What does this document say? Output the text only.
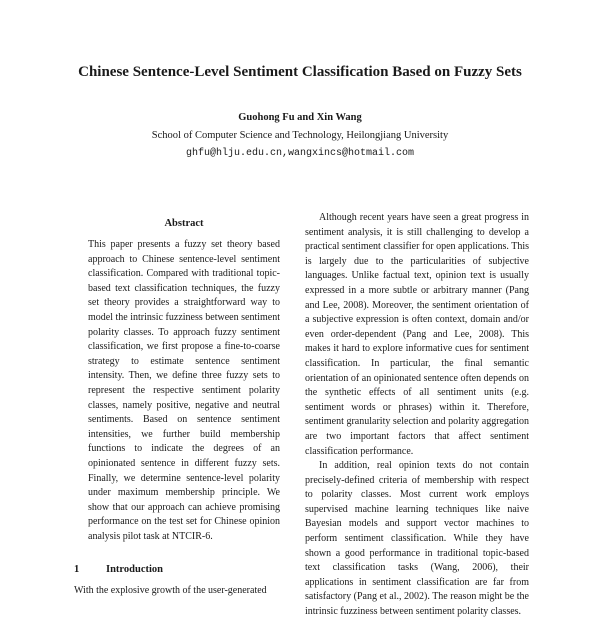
Chinese Sentence-Level Sentiment Classification Based on Fuzzy Sets
Guohong Fu and Xin Wang
School of Computer Science and Technology, Heilongjiang University
ghfu@hlju.edu.cn,wangxincs@hotmail.com
Abstract

This paper presents a fuzzy set theory based approach to Chinese sentence-level sentiment classification. Compared with traditional topic-based text classification techniques, the fuzzy set theory provides a straightforward way to model the intrinsic fuzziness between sentiment polarity classes. To approach fuzzy sentiment classification, we first propose a fine-to-coarse strategy to estimate sentence sentiment intensity. Then, we define three fuzzy sets to represent the respective sentiment polarity classes, namely positive, negative and neutral sentiments. Based on sentence sentiment intensities, we further build membership functions to indicate the degrees of an opinionated sentence in different fuzzy sets. Finally, we determine sentence-level polarity under maximum membership principle. We show that our approach can achieve promising performance on the test set for Chinese opinion analysis pilot task at NTCIR-6.

1	Introduction

With the explosive growth of the user-generated

Although recent years have seen a great progress in sentiment analysis, it is still challenging to develop a practical sentiment classifier for open applications. This is largely due to the particularities of subjective languages. Unlike factual text, opinion text is usually expressed in a more subtle or arbitrary manner (Pang and Lee, 2008). Moreover, the sentiment orientation of a subjective expression is often context, domain and/or even order-dependent (Pang and Lee, 2008). This makes it hard to explore informative cues for sentiment classification. In particular, the final semantic orientation of an opinionated sentence often depends on the synthetic effects of all sentiment units (e.g. sentiment words or phrases) within it. Therefore, sentiment granularity selection and polarity aggregation are two important factors that affect sentiment classification performance.

In addition, real opinion texts do not contain precisely-defined criteria of membership with respect to polarity classes. Most current work employs supervised machine learning techniques like naive Bayesian models and support vector machines to perform sentiment classification. While they have shown a good performance in traditional topic-based text classification tasks (Wang, 2006), their applications in sentiment classification are far from satisfactory (Pang et al., 2002). The reason might be the intrinsic fuzziness between sentiment polarity classes.
